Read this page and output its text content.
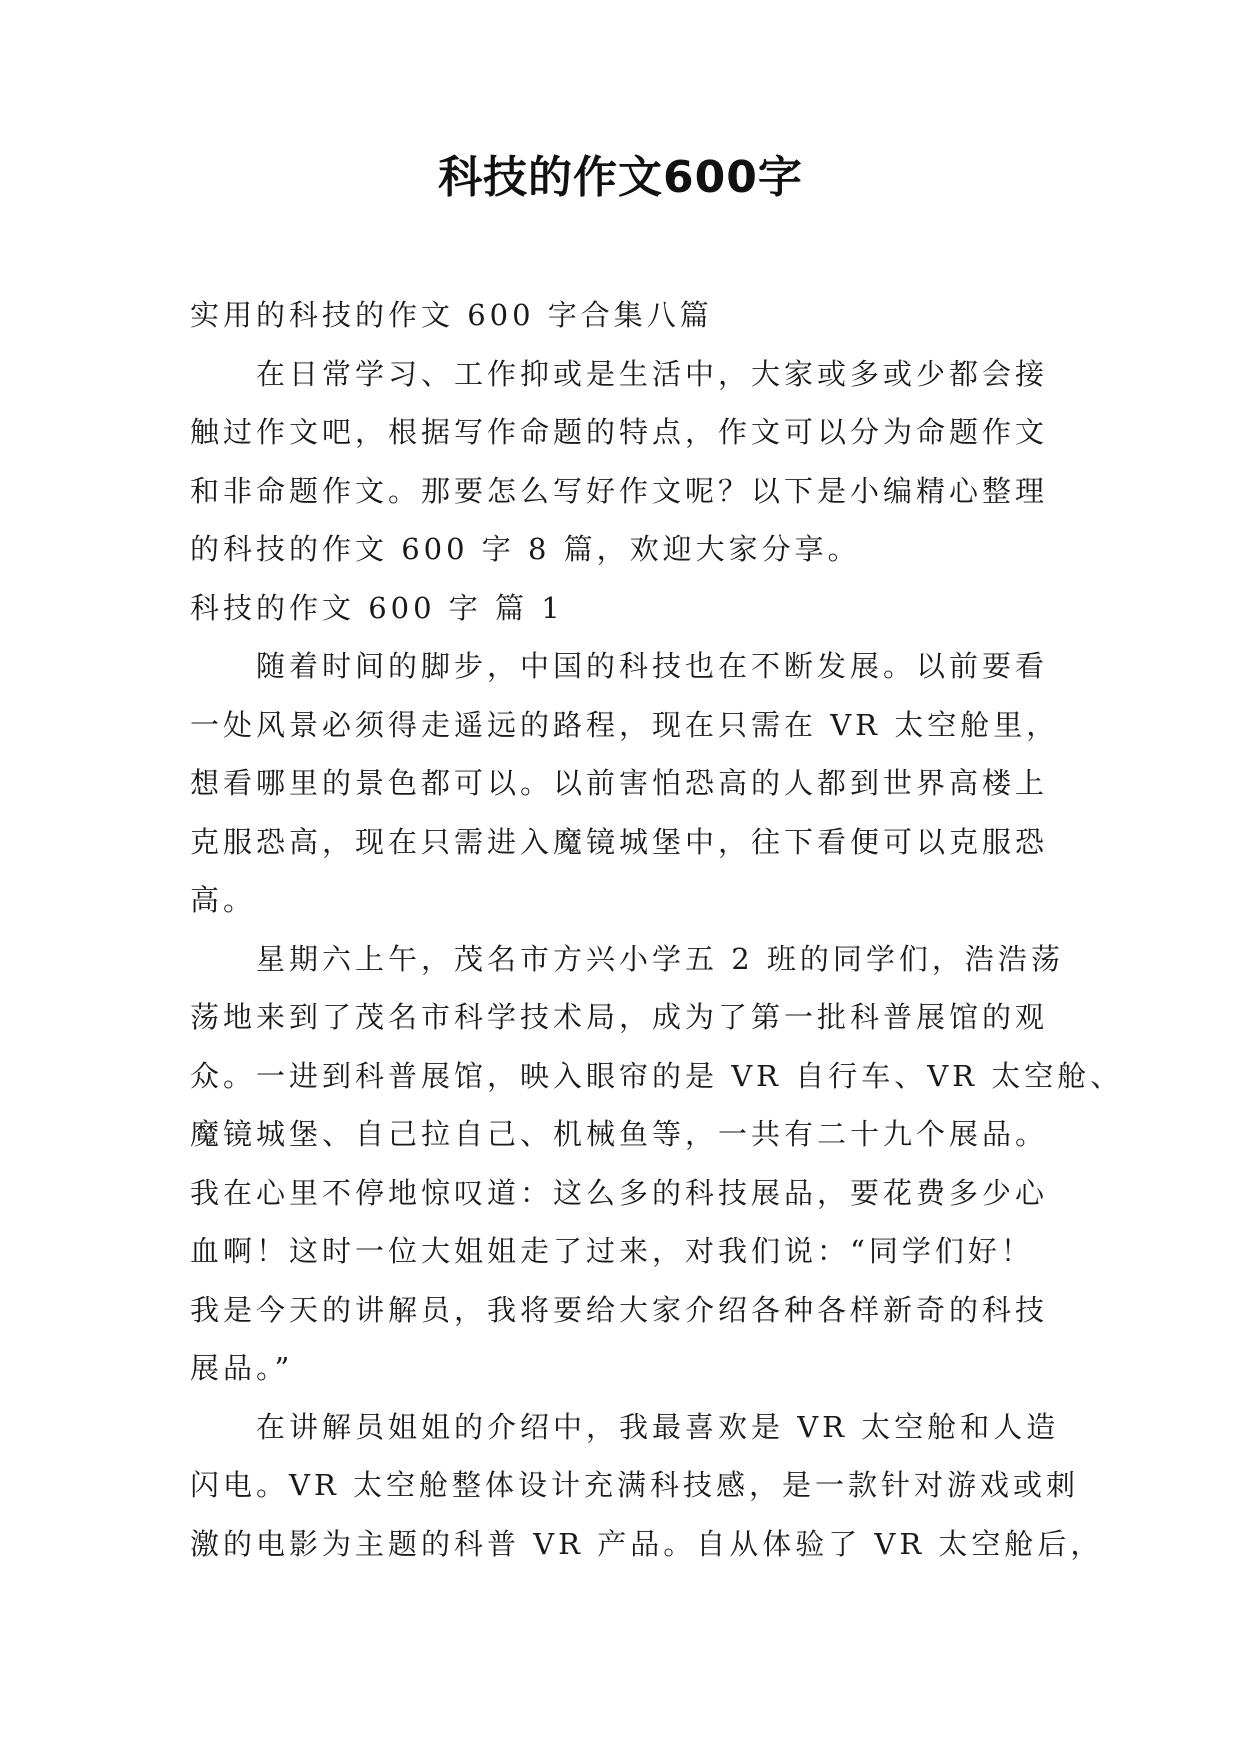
科技的作文600字
实用的科技的作文 600 字合集八篇
在日常学习、工作抑或是生活中，大家或多或少都会接
触过作文吧，根据写作命题的特点，作文可以分为命题作文
和非命题作文。那要怎么写好作文呢？以下是小编精心整理
的科技的作文 600 字 8 篇，欢迎大家分享。
科技的作文 600 字 篇 1
随着时间的脚步，中国的科技也在不断发展。以前要看
一处风景必须得走遥远的路程，现在只需在 VR 太空舱里，
想看哪里的景色都可以。以前害怕恐高的人都到世界高楼上
克服恐高，现在只需进入魔镜城堡中，往下看便可以克服恐
高。
星期六上午，茂名市方兴小学五 2 班的同学们，浩浩荡
荡地来到了茂名市科学技术局，成为了第一批科普展馆的观
众。一进到科普展馆，映入眼帘的是 VR 自行车、VR 太空舱、
魔镜城堡、自己拉自己、机械鱼等，一共有二十九个展品。
我在心里不停地惊叹道：这么多的科技展品，要花费多少心
血啊！这时一位大姐姐走了过来，对我们说：“同学们好！
我是今天的讲解员，我将要给大家介绍各种各样新奇的科技
展品。”
在讲解员姐姐的介绍中，我最喜欢是 VR 太空舱和人造
闪电。VR 太空舱整体设计充满科技感，是一款针对游戏或刺
激的电影为主题的科普 VR 产品。自从体验了 VR 太空舱后，
